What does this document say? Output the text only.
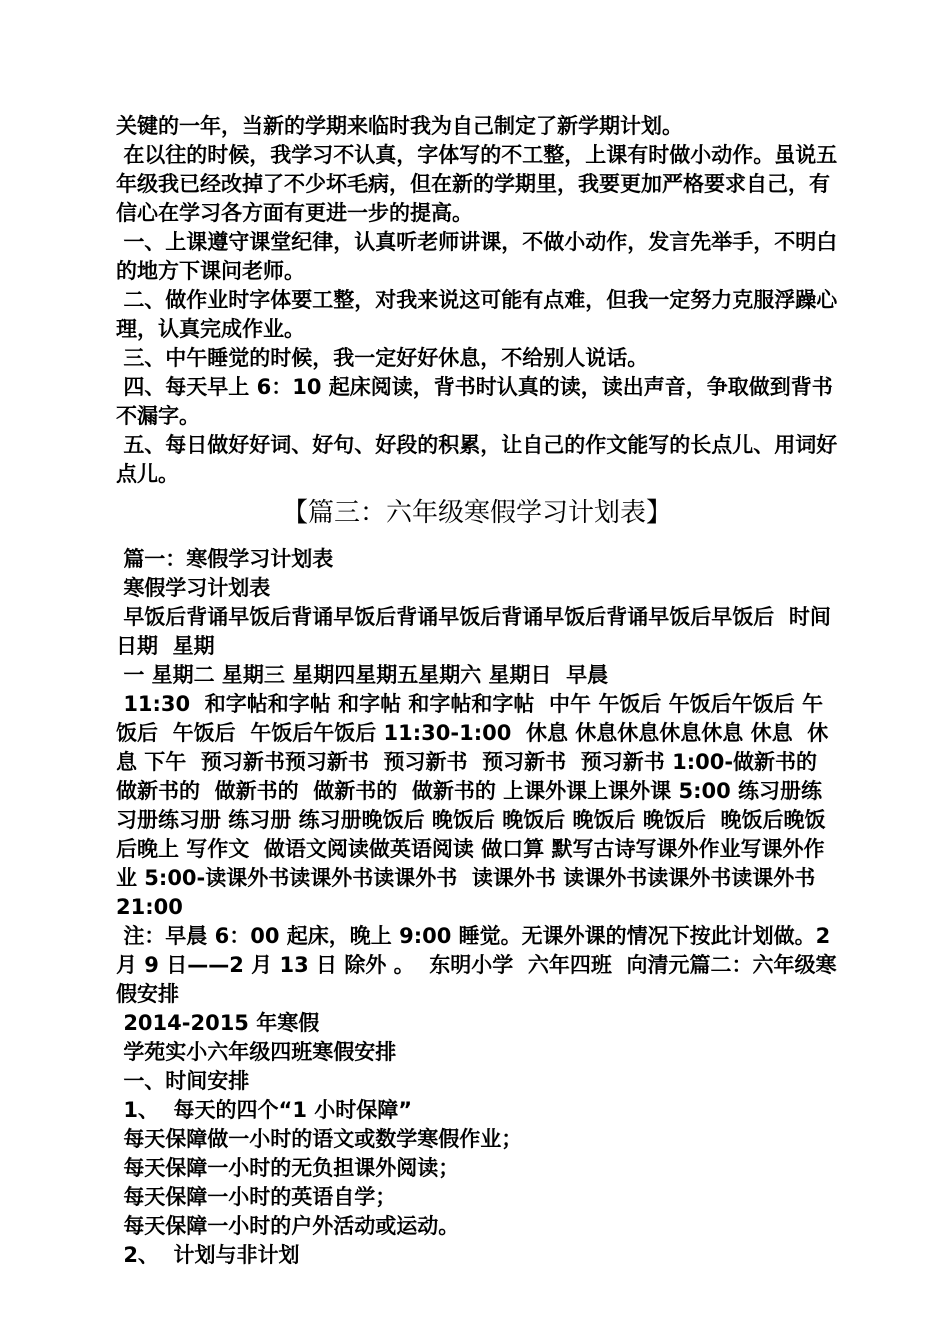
关键的一年，当新的学期来临时我为自己制定了新学期计划。

在以往的时候，我学习不认真，字体写的不工整，上课有时做小动作。虽说五年级我已经改掉了不少坏毛病，但在新的学期里，我要更加严格要求自己，有信心在学习各方面有更进一步的提高。

一、上课遵守课堂纪律，认真听老师讲课，不做小动作，发言先举手，不明白的地方下课问老师。

二、做作业时字体要工整，对我来说这可能有点难，但我一定努力克服浮躁心理，认真完成作业。

三、中午睡觉的时候，我一定好好休息，不给别人说话。

四、每天早上 6：10 起床阅读，背书时认真的读，读出声音，争取做到背书不漏字。

五、每日做好好词、好句、好段的积累，让自己的作文能写的长点儿、用词好点儿。

【篇三：六年级寒假学习计划表】

篇一：寒假学习计划表

寒假学习计划表

早饭后背诵早饭后背诵早饭后背诵早饭后背诵早饭后背诵早饭后早饭后  时间 日期  星期

一 星期二 星期三 星期四星期五星期六 星期日  早晨

11:30  和字帖和字帖 和字帖 和字帖和字帖  中午 午饭后 午饭后午饭后 午饭后  午饭后  午饭后午饭后 11:30-1:00  休息 休息休息休息休息 休息  休息 下午  预习新书预习新书  预习新书  预习新书  预习新书 1:00-做新书的  做新书的  做新书的  做新书的  做新书的 上课外课上课外课 5:00 练习册练习册练习册 练习册 练习册晚饭后 晚饭后 晚饭后 晚饭后 晚饭后  晚饭后晚饭后晚上 写作文  做语文阅读做英语阅读 做口算 默写古诗写课外作业写课外作业 5:00-读课外书读课外书读课外书  读课外书 读课外书读课外书读课外书  21:00

注：早晨 6：00 起床，晚上 9:00 睡觉。无课外课的情况下按此计划做。2 月 9 日——2 月 13 日 除外 。  东明小学  六年四班  向清元篇二：六年级寒假安排

2014-2015 年寒假

学苑实小六年级四班寒假安排

一、时间安排

1、  每天的四个“1 小时保障”

每天保障做一小时的语文或数学寒假作业；

每天保障一小时的无负担课外阅读；

每天保障一小时的英语自学；

每天保障一小时的户外活动或运动。

2、  计划与非计划
